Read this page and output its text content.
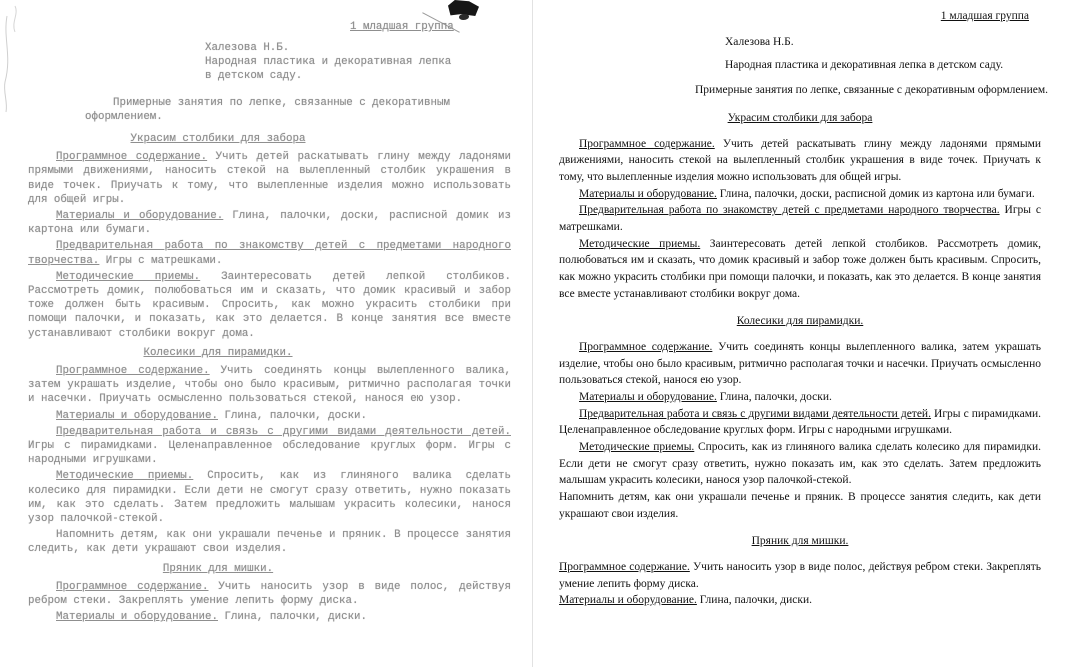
1 младшая группа
Халезова Н.Б.
Народная пластика и декоративная лепка в детском саду.
Примерные занятия по лепке, связанные с декоративным оформлением.
Украсим столбики для забора

Программное содержание. Учить детей раскатывать глину между ладонями прямыми движениями, наносить стекой на вылепленный столбик украшения в виде точек. Приучать к тому, что вылепленные изделия можно использовать для общей игры.

Материалы и оборудование. Глина, палочки, доски, расписной домик из картона или бумаги.

Предварительная работа по знакомству детей с предметами народного творчества. Игры с матрешками.

Методические приемы. Заинтересовать детей лепкой столбиков. Рассмотреть домик, полюбоваться им и сказать, что домик красивый и забор тоже должен быть красивым. Спросить, как можно украсить столбики при помощи палочки, и показать, как это делается. В конце занятия все вместе устанавливают столбики вокруг дома.

Колесики для пирамидки.

Программное содержание. Учить соединять концы вылепленного валика, затем украшать изделие, чтобы оно было красивым, ритмично располагая точки и насечки. Приучать осмысленно пользоваться стекой, нанося ею узор.

Материалы и оборудование. Глина, палочки, доски.

Предварительная работа и связь с другими видами деятельности детей. Игры с пирамидками. Целенаправленное обследование круглых форм. Игры с народными игрушками.

Методические приемы. Спросить, как из глиняного валика сделать колесико для пирамидки. Если дети не смогут сразу ответить, нужно показать им, как это сделать. Затем предложить малышам украсить колесики, нанося узор палочкой-стекой.

Напомнить детям, как они украшали печенье и пряник. В процессе занятия следить, как дети украшают свои изделия.

Пряник для мишки.

Программное содержание. Учить наносить узор в виде полос, действуя ребром стеки. Закреплять умение лепить форму диска.

Материалы и оборудование. Глина, палочки, диски.

1 младшая группа
Халезова Н.Б.
Народная пластика и декоративная лепка в детском саду.
Примерные занятия по лепке, связанные с декоративным оформлением.
Украсим столбики для забора

Программное содержание. Учить детей раскатывать глину между ладонями прямыми движениями, наносить стекой на вылепленный столбик украшения в виде точек. Приучать к тому, что вылепленные изделия можно использовать для общей игры.

Материалы и оборудование. Глина, палочки, доски, расписной домик из картона или бумаги.

Предварительная работа по знакомству детей с предметами народного творчества. Игры с матрешками.

Методические приемы. Заинтересовать детей лепкой столбиков. Рассмотреть домик, полюбоваться им и сказать, что домик красивый и забор тоже должен быть красивым. Спросить, как можно украсить столбики при помощи палочки, и показать, как это делается. В конце занятия все вместе устанавливают столбики вокруг дома.

Колесики для пирамидки.

Программное содержание. Учить соединять концы вылепленного валика, затем украшать изделие, чтобы оно было красивым, ритмично располагая точки и насечки. Приучать осмысленно пользоваться стекой, нанося ею узор.

Материалы и оборудование. Глина, палочки, доски.

Предварительная работа и связь с другими видами деятельности детей. Игры с пирамидками. Целенаправленное обследование круглых форм. Игры с народными игрушками.

Методические приемы. Спросить, как из глиняного валика сделать колесико для пирамидки. Если дети не смогут сразу ответить, нужно показать им, как это сделать. Затем предложить малышам украсить колесики, нанося узор палочкой-стекой.

Напомнить детям, как они украшали печенье и пряник. В процессе занятия следить, как дети украшают свои изделия.

Пряник для мишки.

Программное содержание. Учить наносить узор в виде полос, действуя ребром стеки. Закреплять умение лепить форму диска.

Материалы и оборудование. Глина, палочки, диски.
